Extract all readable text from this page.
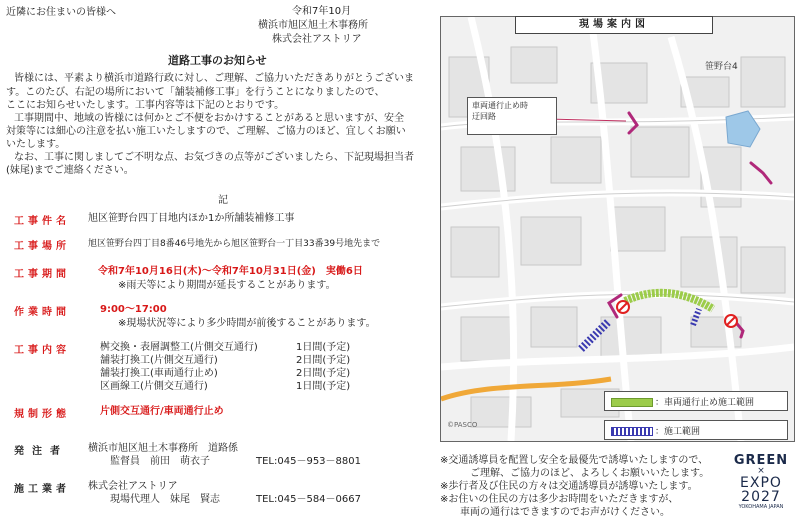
近隣にお住まいの皆様へ	令和7年10月
横浜市旭区旭土木事務所
株式会社アストリア
道路工事のお知らせ
皆様には、平素より横浜市道路行政に対し、ご理解、ご協力いただきありがとうございま
す。このたび、右記の場所において「舗装補修工事」を行うことになりましたので、
ここにお知らせいたします。工事内容等は下記のとおりです。
工事期間中、地域の皆様には何かとご不便をおかけすることがあると思いますが、安全
対策等には細心の注意を払い施工いたしますので、ご理解、ご協力のほど、宜しくお願い
いたします。
なお、工事に関しましてご不明な点、お気づきの点等がございましたら、下記現場担当者
(妹尾)までご連絡ください。
記
工事件名 旭区笹野台四丁目地内ほか1か所舗装補修工事
工事場所 旭区笹野台四丁目8番46号地先から旭区笹野台一丁目33番39号地先まで
工事期間	令和7年10月16日(木)～令和7年10月31日(金)　実働6日
※雨天等により期間が延長することがあります。
作業時間	9:00～17:00
※現場状況等により多少時間が前後することがあります。
工事内容	桝交換・表層調整工(片側交互通行)	1日間(予定)
舗装打換工(片側交互通行)	2日間(予定)
舗装打換工(車両通行止め)	2日間(予定)
区画線工(片側交互通行)	1日間(予定)
規制形態	片側交互通行/車両通行止め
発注者 横浜市旭区旭土木事務所　道路係
監督員　前田　萌衣子	TEL:045－953－8801
施工業者 株式会社アストリア
現場代理人　妹尾　賢志	TEL:045－584－0667
車両通行止め時
迂回路
笹野台4
：車両通行止め施工範囲
：施工範囲
©PASCO
現場案内図
※交通誘導員を配置し安全を最優先で誘導いたしますので、
ご理解、ご協力のほど、よろしくお願いいたします。
※歩行者及び住民の方々は交通誘導員が誘導いたします。
※お住いの住民の方は多少お時間をいただきますが、
車両の通行はできますのでお声がけください。
GREEN
×
EXPO
2027
YOKOHAMA JAPAN
